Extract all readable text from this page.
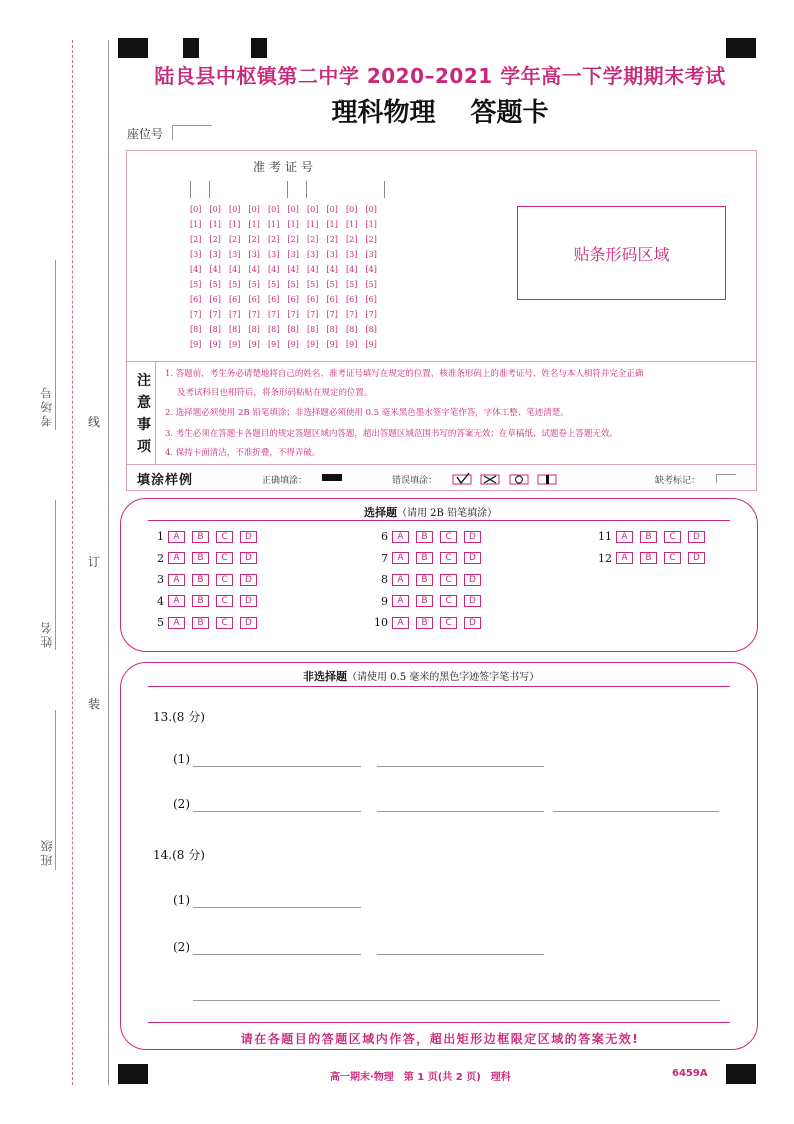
考场号
姓名
班级
线
订
装
陆良县中枢镇第二中学 2020–2021 学年高一下学期期末考试
理科物理　 答题卡
座位号
准考证号
[0]	[0]	[0]	[0]	[0]	[0]	[0]	[0]	[0]	[0]
[1]	[1]	[1]	[1]	[1]	[1]	[1]	[1]	[1]	[1]
[2]	[2]	[2]	[2]	[2]	[2]	[2]	[2]	[2]	[2]
[3]	[3]	[3]	[3]	[3]	[3]	[3]	[3]	[3]	[3]
[4]	[4]	[4]	[4]	[4]	[4]	[4]	[4]	[4]	[4]
[5]	[5]	[5]	[5]	[5]	[5]	[5]	[5]	[5]	[5]
[6]	[6]	[6]	[6]	[6]	[6]	[6]	[6]	[6]	[6]
[7]	[7]	[7]	[7]	[7]	[7]	[7]	[7]	[7]	[7]
[8]	[8]	[8]	[8]	[8]	[8]	[8]	[8]	[8]	[8]
[9]	[9]	[9]	[9]	[9]	[9]	[9]	[9]	[9]	[9]
贴条形码区域
注意事项
1. 答题前，考生务必请楚地将自己的姓名、准考证号填写在规定的位置，核准条形码上的准考证号、姓名与本人相符并完全正确
及考试科目也相符后，将条形码粘贴在规定的位置。
2. 选择题必须使用 2B 铅笔填涂；非选择题必须使用 0.5 毫米黑色墨水签字笔作答，字体工整、笔迹清楚。
3. 考生必须在答题卡各题目的规定答题区域内答题，超出答题区域范围书写的答案无效；在草稿纸、试题卷上答题无效。
4. 保持卡面清洁，不准折叠，不得弄破。
填涂样例	正确填涂：	错误填涂：	缺考标记：
选择题（请用 2B 铅笔填涂）
1	A	B	C	D
2	A	B	C	D
3	A	B	C	D
4	A	B	C	D
5	A	B	C	D
6	A	B	C	D
7	A	B	C	D
8	A	B	C	D
9	A	B	C	D
10	A	B	C	D
11	A	B	C	D
12	A	B	C	D
非选择题（请使用 0.5 毫米的黑色字迹签字笔书写）
13.(8 分)
(1)
(2)
14.(8 分)
(1)
(2)
请在各题目的答题区域内作答，超出矩形边框限定区域的答案无效!
高一期末·物理　第 1 页(共 2 页)　理科	6459A
